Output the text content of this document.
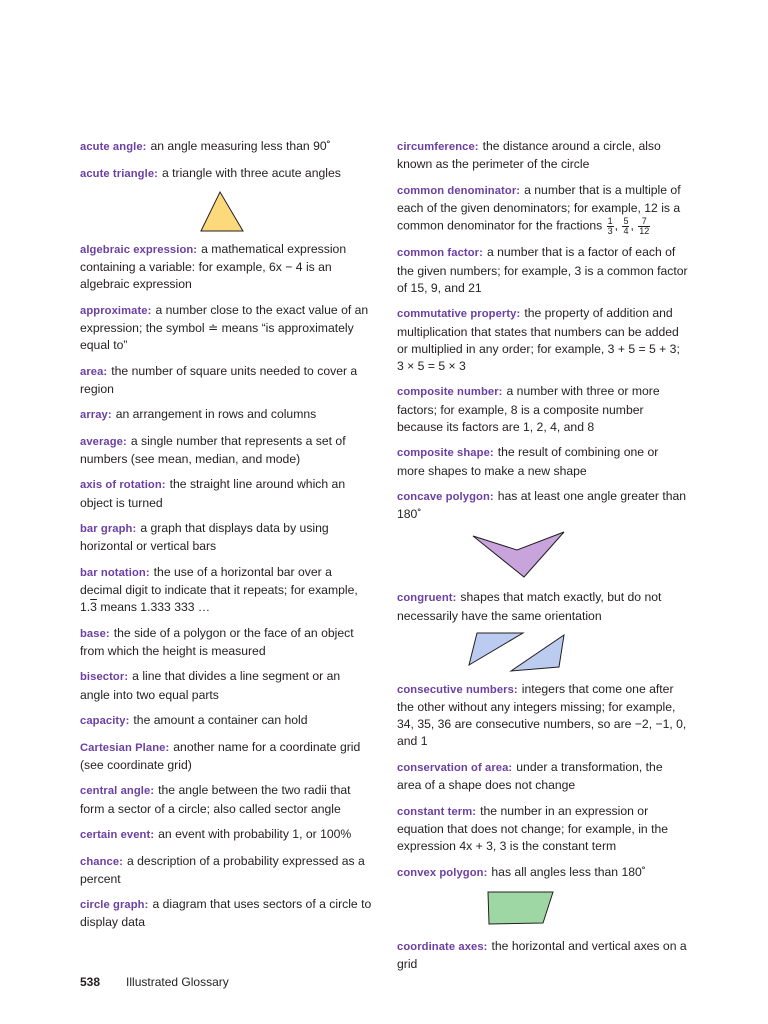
acute angle: an angle measuring less than 90˚
acute triangle: a triangle with three acute angles
algebraic expression: a mathematical expression containing a variable: for example, 6x − 4 is an algebraic expression
approximate: a number close to the exact value of an expression; the symbol ≐ means “is approximately equal to”
area: the number of square units needed to cover a region
array: an arrangement in rows and columns
average: a single number that represents a set of numbers (see mean, median, and mode)
axis of rotation: the straight line around which an object is turned
bar graph: a graph that displays data by using horizontal or vertical bars
bar notation: the use of a horizontal bar over a decimal digit to indicate that it repeats; for example, 1.3 means 1.333 333 …
base: the side of a polygon or the face of an object from which the height is measured
bisector: a line that divides a line segment or an angle into two equal parts
capacity: the amount a container can hold
Cartesian Plane: another name for a coordinate grid (see coordinate grid)
central angle: the angle between the two radii that form a sector of a circle; also called sector angle
certain event: an event with probability 1, or 100%
chance: a description of a probability expressed as a percent
circle graph: a diagram that uses sectors of a circle to display data
circumference: the distance around a circle, also known as the perimeter of the circle
common denominator: a number that is a multiple of each of the given denominators; for example, 12 is a common denominator for the fractions $\frac{1}{3}$ , $\frac{5}{4}$ , $\frac{7}{12}$
common factor: a number that is a factor of each of the given numbers; for example, 3 is a common factor of 15, 9, and 21
commutative property: the property of addition and multiplication that states that numbers can be added or multiplied in any order; for example, 3 + 5 = 5 + 3; 3 × 5 = 5 × 3
composite number: a number with three or more factors; for example, 8 is a composite number because its factors are 1, 2, 4, and 8
composite shape: the result of combining one or more shapes to make a new shape
concave polygon: has at least one angle greater than 180˚
congruent: shapes that match exactly, but do not necessarily have the same orientation
consecutive numbers: integers that come one after the other without any integers missing; for example, 34, 35, 36 are consecutive numbers, so are −2, −1, 0, and 1
conservation of area: under a transformation, the area of a shape does not change
constant term: the number in an expression or equation that does not change; for example, in the expression 4x + 3, 3 is the constant term
convex polygon: has all angles less than 180˚
coordinate axes: the horizontal and vertical axes on a grid
538 Illustrated Glossary
